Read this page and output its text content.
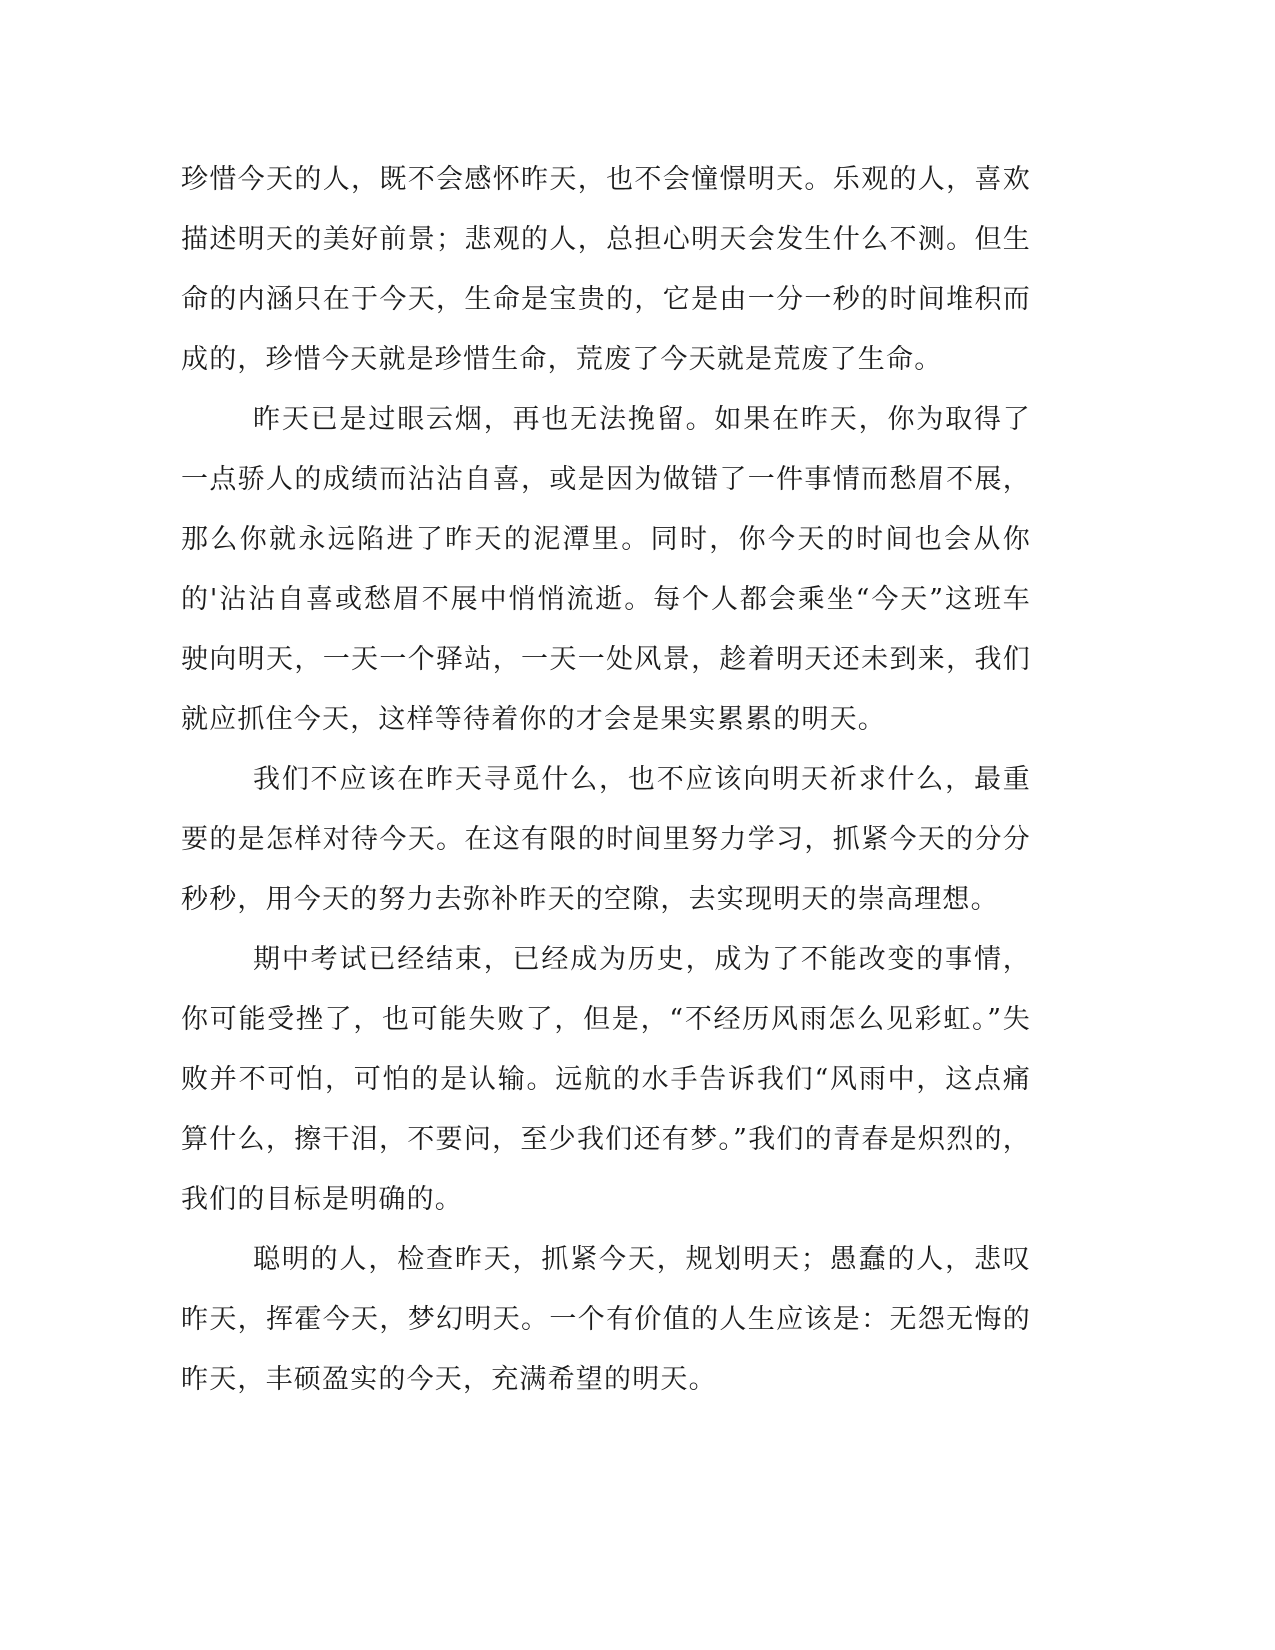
珍惜今天的人，既不会感怀昨天，也不会憧憬明天。乐观的人，喜欢描述明天的美好前景；悲观的人，总担心明天会发生什么不测。但生命的内涵只在于今天，生命是宝贵的，它是由一分一秒的时间堆积而成的，珍惜今天就是珍惜生命，荒废了今天就是荒废了生命。

昨天已是过眼云烟，再也无法挽留。如果在昨天，你为取得了一点骄人的成绩而沾沾自喜，或是因为做错了一件事情而愁眉不展，那么你就永远陷进了昨天的泥潭里。同时，你今天的时间也会从你的'沾沾自喜或愁眉不展中悄悄流逝。每个人都会乘坐“今天”这班车驶向明天，一天一个驿站，一天一处风景，趁着明天还未到来，我们就应抓住今天，这样等待着你的才会是果实累累的明天。

我们不应该在昨天寻觅什么，也不应该向明天祈求什么，最重要的是怎样对待今天。在这有限的时间里努力学习，抓紧今天的分分秒秒，用今天的努力去弥补昨天的空隙，去实现明天的崇高理想。

期中考试已经结束，已经成为历史，成为了不能改变的事情，你可能受挫了，也可能失败了，但是，“不经历风雨怎么见彩虹。”失败并不可怕，可怕的是认输。远航的水手告诉我们“风雨中，这点痛算什么，擦干泪，不要问，至少我们还有梦。”我们的青春是炽烈的，我们的目标是明确的。

聪明的人，检查昨天，抓紧今天，规划明天；愚蠢的人，悲叹昨天，挥霍今天，梦幻明天。一个有价值的人生应该是：无怨无悔的昨天，丰硕盈实的今天，充满希望的明天。
